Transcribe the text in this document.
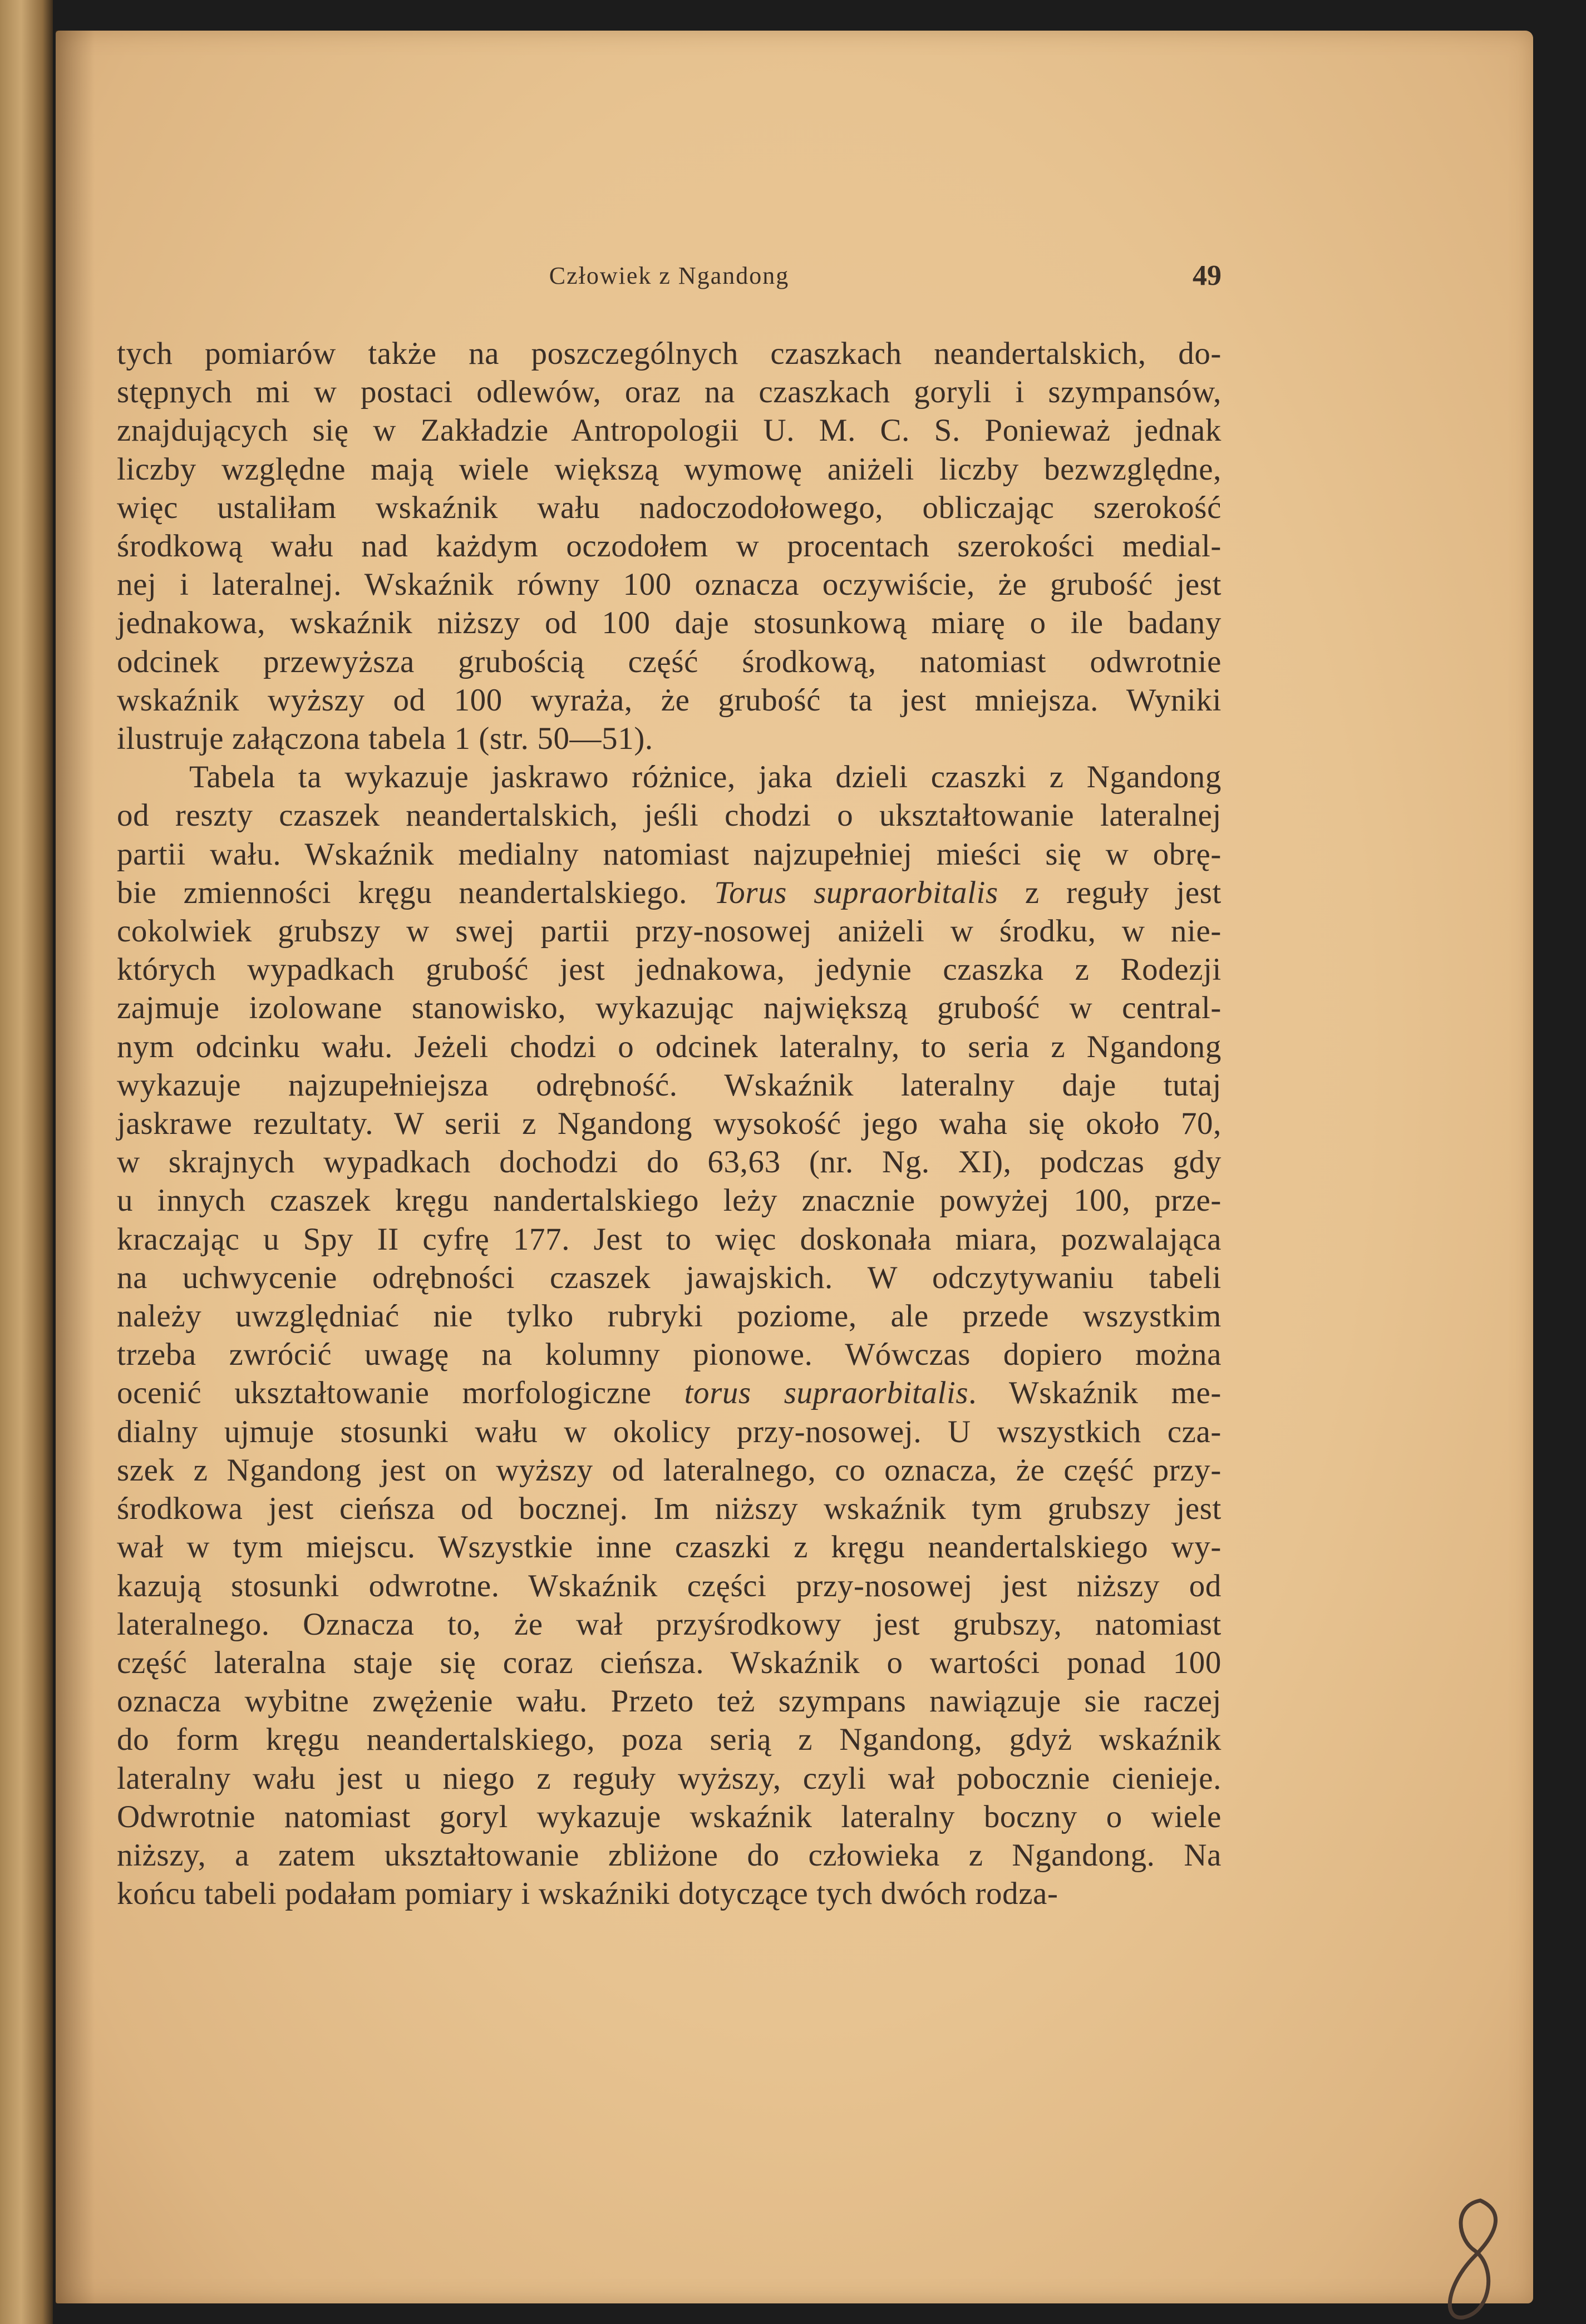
Człowiek z Ngandong	49

tych pomiarów także na poszczególnych czaszkach neandertalskich, do-
stępnych mi w postaci odlewów, oraz na czaszkach goryli i szympansów,
znajdujących się w Zakładzie Antropologii U. M. C. S. Ponieważ jednak
liczby względne mają wiele większą wymowę aniżeli liczby bezwzględne,
więc ustaliłam wskaźnik wału nadoczodołowego, obliczając szerokość
środkową wału nad każdym oczodołem w procentach szerokości medial-
nej i lateralnej. Wskaźnik równy 100 oznacza oczywiście, że grubość jest
jednakowa, wskaźnik niższy od 100 daje stosunkową miarę o ile badany
odcinek przewyższa grubością część środkową, natomiast odwrotnie
wskaźnik wyższy od 100 wyraża, że grubość ta jest mniejsza. Wyniki
ilustruje załączona tabela 1 (str. 50—51).

Tabela ta wykazuje jaskrawo różnice, jaka dzieli czaszki z Ngandong
od reszty czaszek neandertalskich, jeśli chodzi o ukształtowanie lateralnej
partii wału. Wskaźnik medialny natomiast najzupełniej mieści się w obrę-
bie zmienności kręgu neandertalskiego. Torus supraorbitalis z reguły jest
cokolwiek grubszy w swej partii przy-nosowej aniżeli w środku, w nie-
których wypadkach grubość jest jednakowa, jedynie czaszka z Rodezji
zajmuje izolowane stanowisko, wykazując największą grubość w central-
nym odcinku wału. Jeżeli chodzi o odcinek lateralny, to seria z Ngandong
wykazuje najzupełniejsza odrębność. Wskaźnik lateralny daje tutaj
jaskrawe rezultaty. W serii z Ngandong wysokość jego waha się około 70,
w skrajnych wypadkach dochodzi do 63,63 (nr. Ng. XI), podczas gdy
u innych czaszek kręgu nandertalskiego leży znacznie powyżej 100, prze-
kraczając u Spy II cyfrę 177. Jest to więc doskonała miara, pozwalająca
na uchwycenie odrębności czaszek jawajskich. W odczytywaniu tabeli
należy uwzględniać nie tylko rubryki poziome, ale przede wszystkim
trzeba zwrócić uwagę na kolumny pionowe. Wówczas dopiero można
ocenić ukształtowanie morfologiczne torus supraorbitalis. Wskaźnik me-
dialny ujmuje stosunki wału w okolicy przy-nosowej. U wszystkich cza-
szek z Ngandong jest on wyższy od lateralnego, co oznacza, że część przy-
środkowa jest cieńsza od bocznej. Im niższy wskaźnik tym grubszy jest
wał w tym miejscu. Wszystkie inne czaszki z kręgu neandertalskiego wy-
kazują stosunki odwrotne. Wskaźnik części przy-nosowej jest niższy od
lateralnego. Oznacza to, że wał przyśrodkowy jest grubszy, natomiast
część lateralna staje się coraz cieńsza. Wskaźnik o wartości ponad 100
oznacza wybitne zwężenie wału. Przeto też szympans nawiązuje sie raczej
do form kręgu neandertalskiego, poza serią z Ngandong, gdyż wskaźnik
lateralny wału jest u niego z reguły wyższy, czyli wał pobocznie cienieje.
Odwrotnie natomiast goryl wykazuje wskaźnik lateralny boczny o wiele
niższy, a zatem ukształtowanie zbliżone do człowieka z Ngandong. Na
końcu tabeli podałam pomiary i wskaźniki dotyczące tych dwóch rodza-

8
